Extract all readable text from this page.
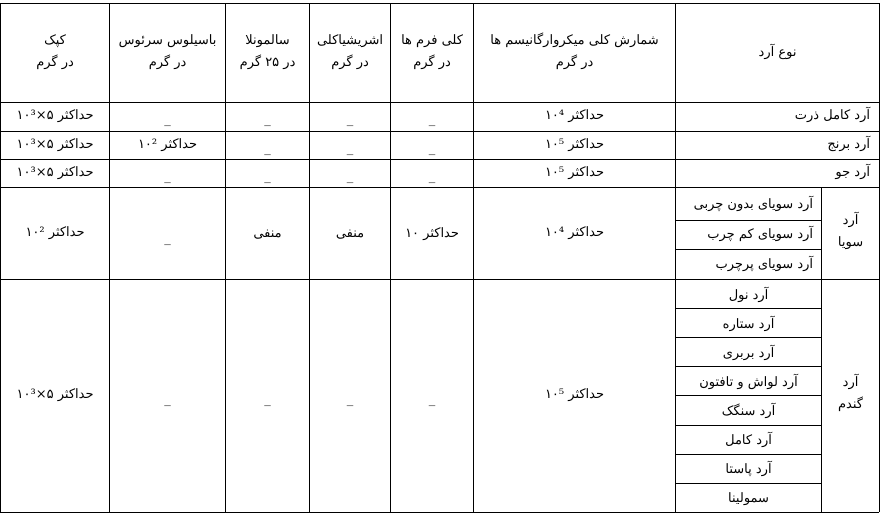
نوع آرد
شمارش کلی میکروارگانیسم ها
در گرم
کلی فرم ها
در گرم
اشریشیاکلی
در گرم
سالمونلا
در ۲۵ گرم
باسیلوس سرئوس
در گرم
کپک
در گرم
آرد کامل ذرت
حداکثر ۱۰⁴
_
_
_
_
حداکثر ۵×۱۰³
آرد برنج
حداکثر ۱۰⁵
_
_
_
حداکثر ۱۰²
حداکثر ۵×۱۰³
آرد جو
حداکثر ۱۰⁵
_
_
_
_
حداکثر ۵×۱۰³
آرد
سویا
آرد سویای بدون چربی
آرد سویای کم چرب
آرد سویای پرچرب
حداکثر ۱۰⁴
حداکثر ۱۰
منفی
منفی
_
حداکثر ۱۰²
آرد
گندم
آرد نول
آرد ستاره
آرد بربری
آرد لواش و تافتون
آرد سنگک
آرد کامل
آرد پاستا
سمولینا
حداکثر ۱۰⁵
_
_
_
_
حداکثر ۵×۱۰³
